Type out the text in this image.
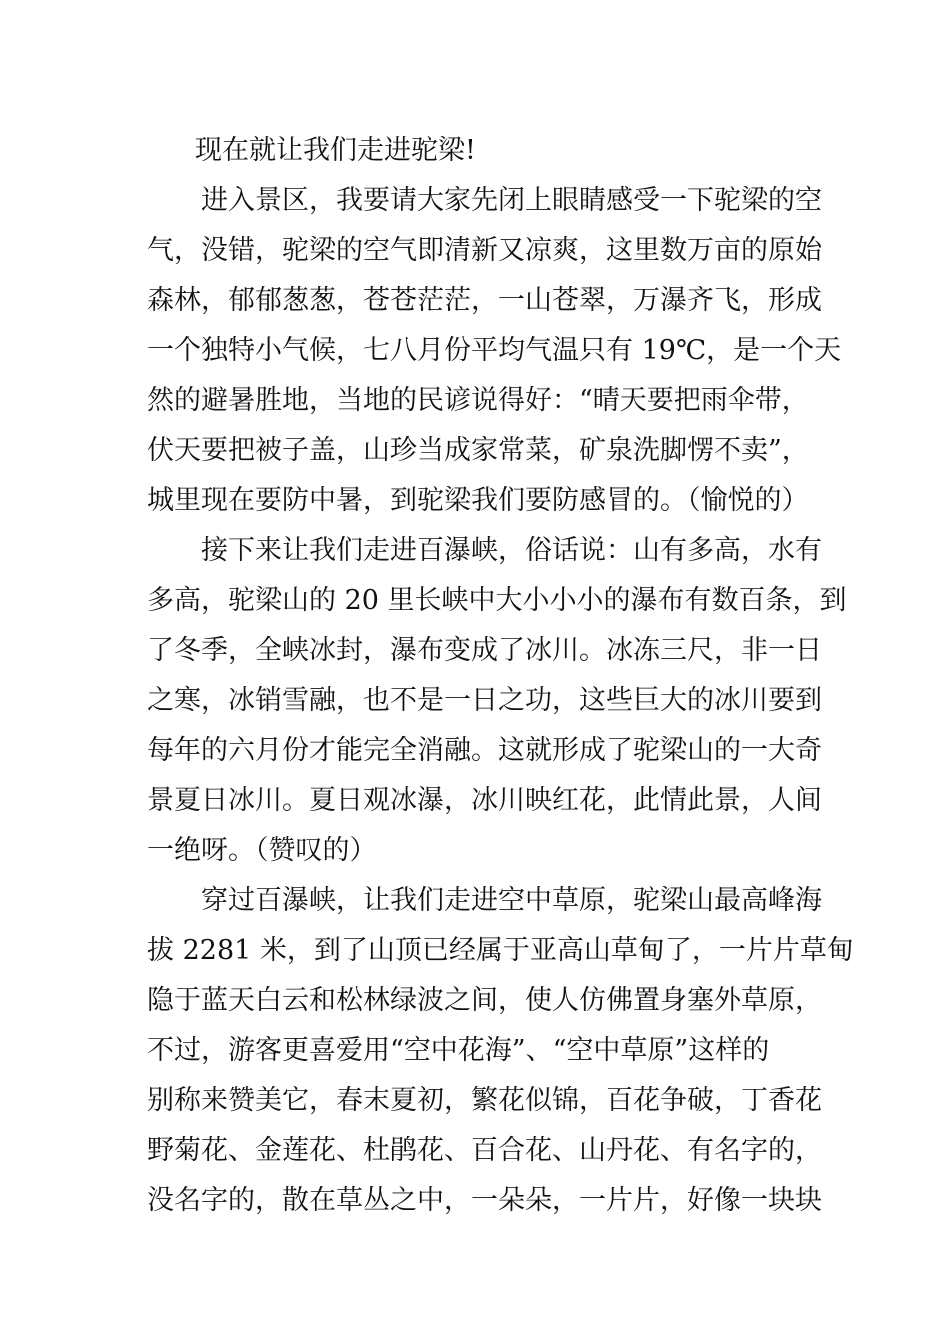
现在就让我们走进驼梁!
进入景区，我要请大家先闭上眼睛感受一下驼梁的空
气，没错，驼梁的空气即清新又凉爽，这里数万亩的原始
森林，郁郁葱葱，苍苍茫茫，一山苍翠，万瀑齐飞，形成
一个独特小气候，七八月份平均气温只有 19℃，是一个天
然的避暑胜地，当地的民谚说得好：“晴天要把雨伞带，
伏天要把被子盖，山珍当成家常菜，矿泉洗脚愣不卖”，
城里现在要防中暑，到驼梁我们要防感冒的。（愉悦的）
接下来让我们走进百瀑峡，俗话说：山有多高，水有
多高，驼梁山的 20 里长峡中大小小小的瀑布有数百条，到
了冬季，全峡冰封，瀑布变成了冰川。冰冻三尺，非一日
之寒，冰销雪融，也不是一日之功，这些巨大的冰川要到
每年的六月份才能完全消融。这就形成了驼梁山的一大奇
景夏日冰川。夏日观冰瀑，冰川映红花，此情此景，人间
一绝呀。（赞叹的）
穿过百瀑峡，让我们走进空中草原，驼梁山最高峰海
拔 2281 米，到了山顶已经属于亚高山草甸了，一片片草甸
隐于蓝天白云和松林绿波之间，使人仿佛置身塞外草原，
不过，游客更喜爱用“空中花海”、“空中草原”这样的
别称来赞美它，春末夏初，繁花似锦，百花争破，丁香花
野菊花、金莲花、杜鹃花、百合花、山丹花、有名字的，
没名字的，散在草丛之中，一朵朵，一片片，好像一块块
